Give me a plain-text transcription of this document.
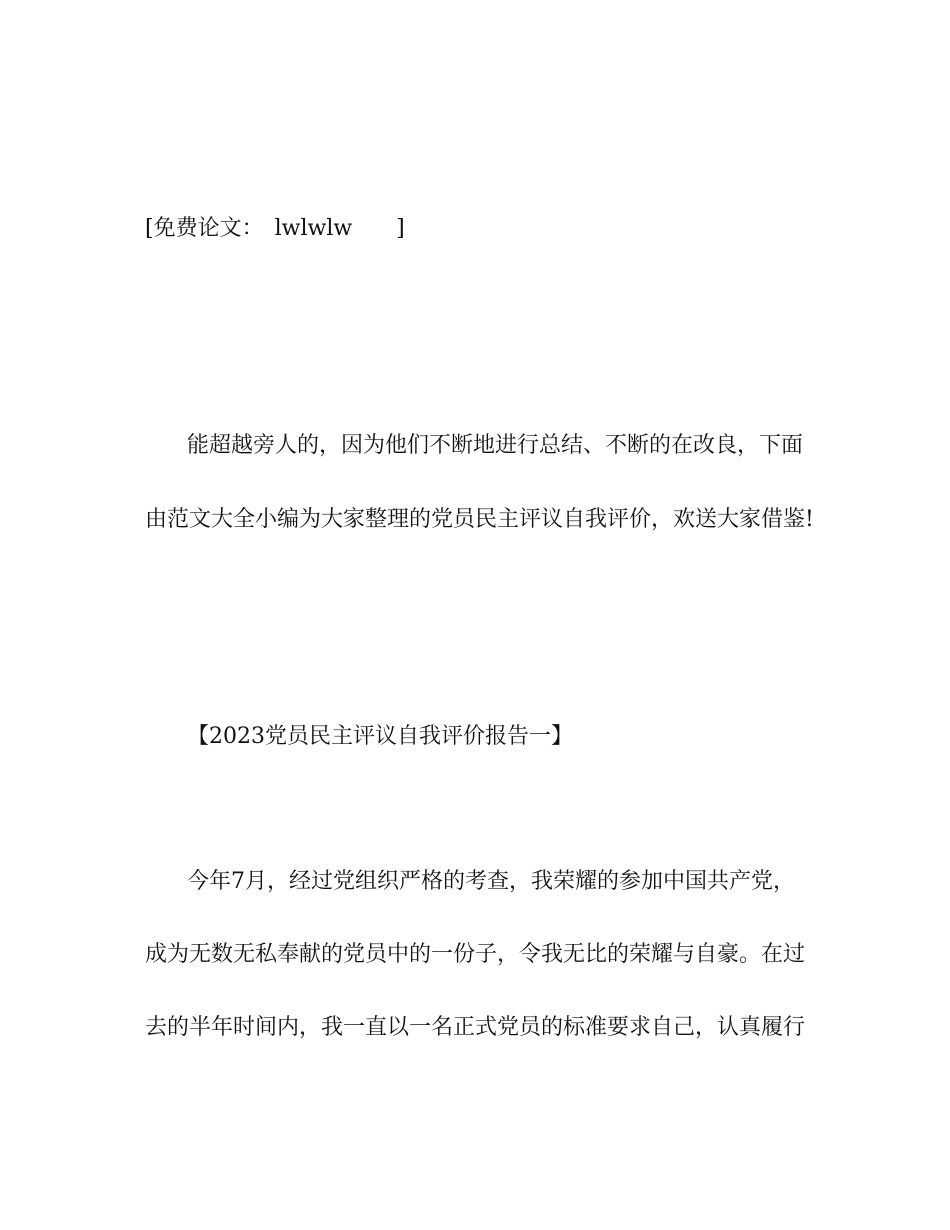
[免费论文：　lwlwlw　　]
能超越旁人的，因为他们不断地进行总结、不断的在改良，下面
由范文大全小编为大家整理的党员民主评议自我评价，欢送大家借鉴!
【2023党员民主评议自我评价报告一】
今年7月，经过党组织严格的考查，我荣耀的参加中国共产党，
成为无数无私奉献的党员中的一份子，令我无比的荣耀与自豪。在过
去的半年时间内，我一直以一名正式党员的标准要求自己，认真履行
